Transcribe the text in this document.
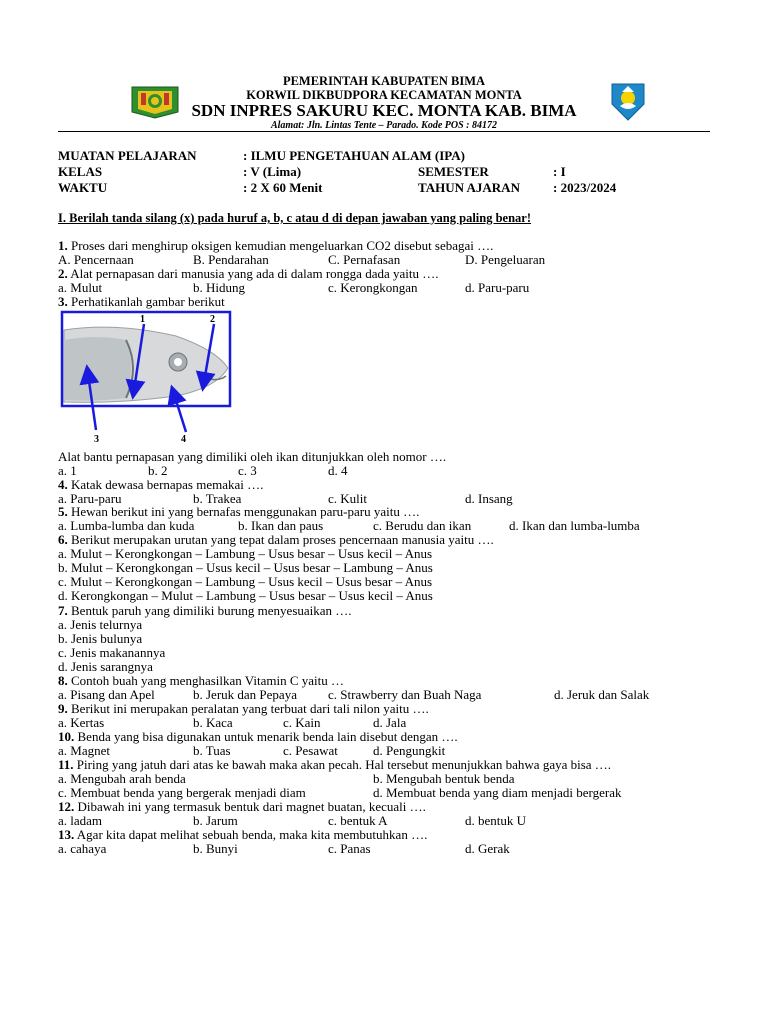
PEMERINTAH KABUPATEN BIMA
KORWIL DIKBUDPORA KECAMATAN MONTA
SDN INPRES SAKURU KEC. MONTA KAB. BIMA
Alamat: Jln. Lintas Tente – Parado. Kode POS : 84172
MUATAN PELAJARAN	: ILMU PENGETAHUAN ALAM (IPA)
KELAS	: V (Lima)	SEMESTER	: I
WAKTU	: 2 X 60 Menit	TAHUN AJARAN	: 2023/2024
I. Berilah tanda silang (x) pada huruf a, b, c atau d di depan jawaban yang paling benar!
1. Proses dari menghirup oksigen kemudian mengeluarkan CO2 disebut sebagai ….
A. Pencernaan	B. Pendarahan	C. Pernafasan	D. Pengeluaran
2. Alat pernapasan dari manusia yang ada di dalam rongga dada yaitu ….
a. Mulut	b. Hidung	c. Kerongkongan	d. Paru-paru
3. Perhatikanlah gambar berikut
1	2
3	4
Alat bantu pernapasan yang dimiliki oleh ikan ditunjukkan oleh nomor ….
a. 1	b. 2	c. 3	d. 4
4. Katak dewasa bernapas memakai ….
a. Paru-paru	b. Trakea	c. Kulit	d. Insang
5. Hewan berikut ini yang bernafas menggunakan paru-paru yaitu ….
a. Lumba-lumba dan kuda	b. Ikan dan paus	c. Berudu dan ikan	d. Ikan dan lumba-lumba
6. Berikut merupakan urutan yang tepat dalam proses pencernaan manusia yaitu ….
a. Mulut – Kerongkongan – Lambung – Usus besar – Usus kecil – Anus
b. Mulut – Kerongkongan – Usus kecil – Usus besar – Lambung – Anus
c. Mulut – Kerongkongan – Lambung – Usus kecil – Usus besar – Anus
d. Kerongkongan – Mulut – Lambung – Usus besar – Usus kecil – Anus
7. Bentuk paruh yang dimiliki burung menyesuaikan ….
a. Jenis telurnya
b. Jenis bulunya
c. Jenis makanannya
d. Jenis sarangnya
8. Contoh buah yang menghasilkan Vitamin C yaitu …
a. Pisang dan Apel	b. Jeruk dan Pepaya c. Strawberry dan Buah Naga	d. Jeruk dan Salak
9. Berikut ini merupakan peralatan yang terbuat dari tali nilon yaitu ….
a. Kertas	b. Kaca	c. Kain	d. Jala
10. Benda yang bisa digunakan untuk menarik benda lain disebut dengan ….
a. Magnet	b. Tuas	c. Pesawat	d. Pengungkit
11. Piring yang jatuh dari atas ke bawah maka akan pecah. Hal tersebut menunjukkan bahwa gaya bisa ….
a. Mengubah arah benda	b. Mengubah bentuk benda
c. Membuat benda yang bergerak menjadi diam	d. Membuat benda yang diam menjadi bergerak
12. Dibawah ini yang termasuk bentuk dari magnet buatan, kecuali ….
a. ladam	b. Jarum	c. bentuk A	d. bentuk U
13. Agar kita dapat melihat sebuah benda, maka kita membutuhkan ….
a. cahaya	b. Bunyi	c. Panas	d. Gerak
